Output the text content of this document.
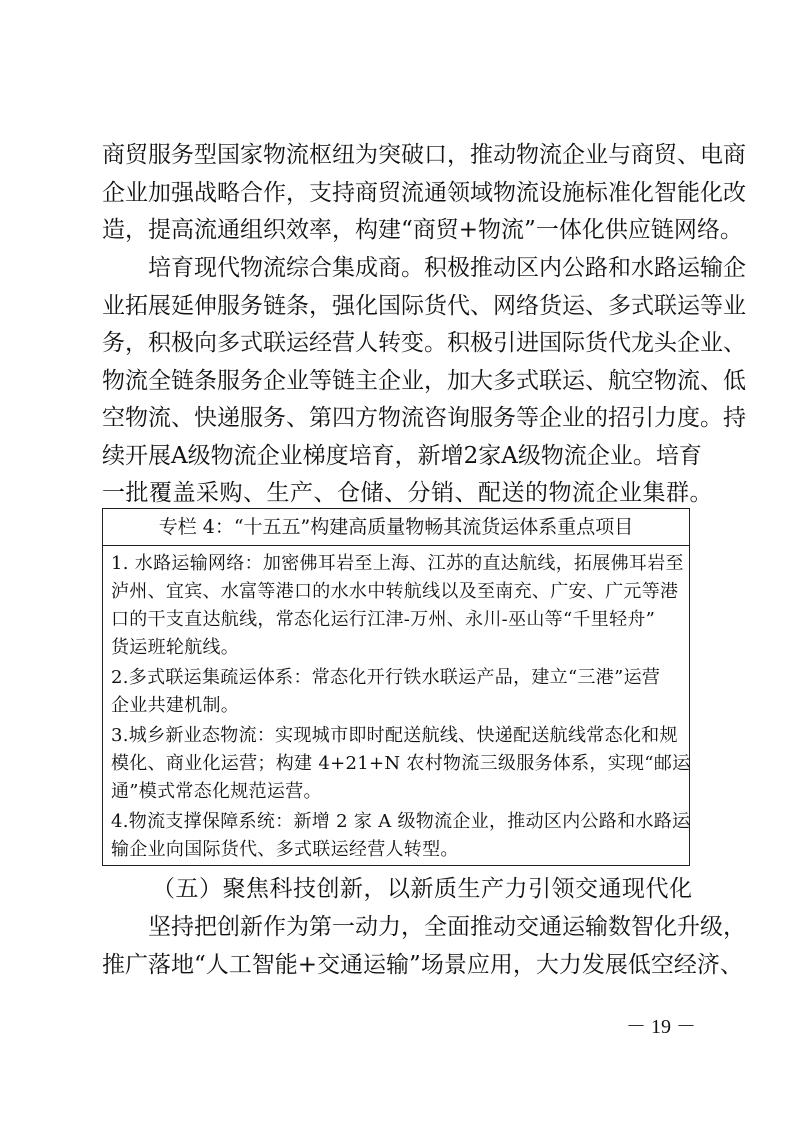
商 贸 服 务 型 国 家 物 流 枢 纽 为 突 破 口 ， 推 动 物 流 企 业 与 商 贸 、 电 商
企 业 加 强 战 略 合 作 ， 支 持 商 贸 流 通 领 域 物 流 设 施 标 准 化 智 能 化 改
造 ， 提 高 流 通 组 织 效 率 ， 构 建 “ 商 贸 + 物 流 ” 一 体 化 供 应 链 网 络 。
培 育 现 代 物 流 综 合 集 成 商 。 积 极 推 动 区 内 公 路 和 水 路 运 输 企
业 拓 展 延 伸 服 务 链 条 ， 强 化 国 际 货 代 、 网 络 货 运 、 多 式 联 运 等 业
务 ， 积 极 向 多 式 联 运 经 营 人 转 变 。 积 极 引 进 国 际 货 代 龙 头 企 业 、
物 流 全 链 条 服 务 企 业 等 链 主 企 业 ， 加 大 多 式 联 运 、 航 空 物 流 、 低
空 物 流 、 快 递 服 务 、 第 四 方 物 流 咨 询 服 务 等 企 业 的 招 引 力 度 。 持
续 开 展 A 级 物 流 企 业 梯 度 培 育 ， 新 增 2 家 A 级 物 流 企 业 。 培 育
一批覆盖采购、生产、仓储、分销、配送的物流企业集群。
专栏 4：“十五五”构建高质量物畅其流货运体系重点项目
1. 水路运输网络：加密佛耳岩至上海、江苏的直达航线，拓展佛耳岩至
泸州、宜宾、水富等港口的水水中转航线以及至南充、广安、广元等港
口的干支直达航线，常态化运行江津-万州、永川-巫山等“千里轻舟”
货运班轮航线。
2.多式联运集疏运体系：常态化开行铁水联运产品，建立“三港”运营
企业共建机制。
3.城乡新业态物流：实现城市即时配送航线、快递配送航线常态化和规
模化、商业化运营；构建 4+21+N 农村物流三级服务体系，实现“邮运
通”模式常态化规范运营。
4.物流支撑保障系统：新增 2 家 A 级物流企业，推动区内公路和水路运
输企业向国际货代、多式联运经营人转型。
（五）聚焦科技创新，以新质生产力引领交通现代化
坚 持 把 创 新 作 为 第 一 动 力 ， 全 面 推 动 交 通 运 输 数 智 化 升 级 ，
推 广 落 地 “ 人 工 智 能 + 交 通 运 输 ” 场 景 应 用 ， 大 力 发 展 低 空 经 济 、
－ 19 －
